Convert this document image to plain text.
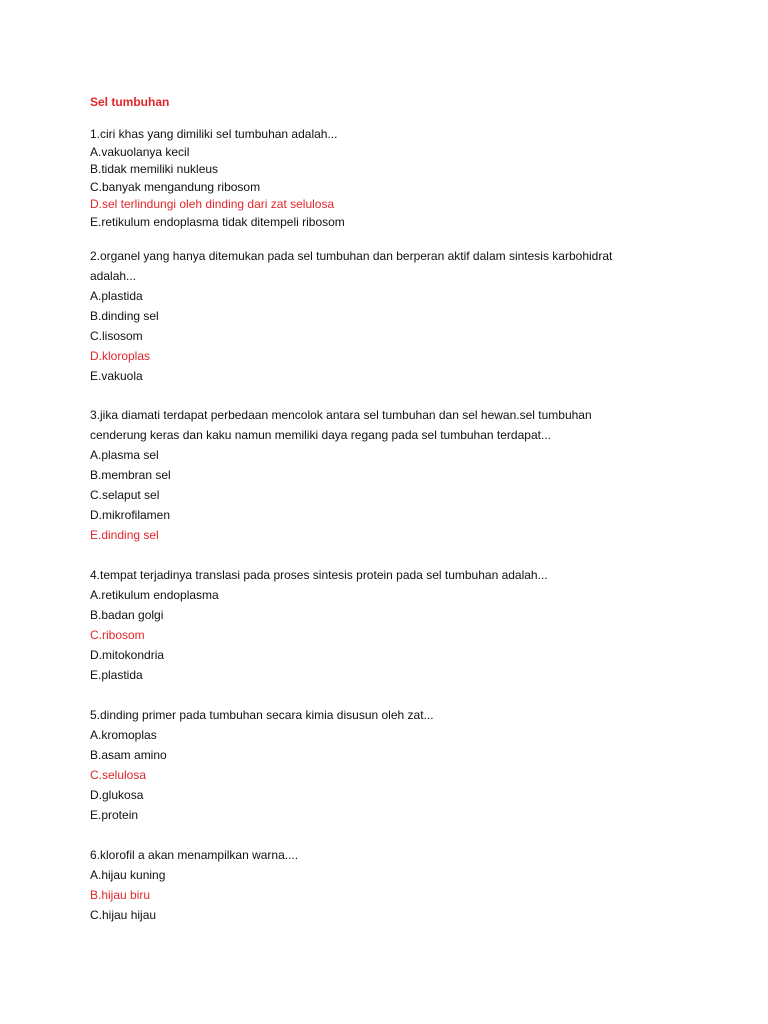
Sel tumbuhan
1.ciri khas yang dimiliki sel tumbuhan adalah...
A.vakuolanya kecil
B.tidak memiliki nukleus
C.banyak mengandung ribosom
D.sel terlindungi oleh dinding dari zat selulosa
E.retikulum endoplasma tidak ditempeli ribosom
2.organel yang hanya ditemukan pada sel tumbuhan dan berperan aktif dalam sintesis karbohidrat
adalah...
A.plastida
B.dinding sel
C.lisosom
D.kloroplas
E.vakuola
3.jika diamati terdapat perbedaan mencolok antara sel tumbuhan dan sel hewan.sel tumbuhan
cenderung keras dan kaku namun memiliki daya regang pada sel tumbuhan terdapat...
A.plasma sel
B.membran sel
C.selaput sel
D.mikrofilamen
E.dinding sel
4.tempat terjadinya translasi pada proses sintesis protein pada sel tumbuhan adalah...
A.retikulum endoplasma
B.badan golgi
C.ribosom
D.mitokondria
E.plastida
5.dinding primer pada tumbuhan secara kimia disusun oleh zat...
A.kromoplas
B.asam amino
C.selulosa
D.glukosa
E.protein
6.klorofil a akan menampilkan warna....
A.hijau kuning
B.hijau biru
C.hijau hijau
